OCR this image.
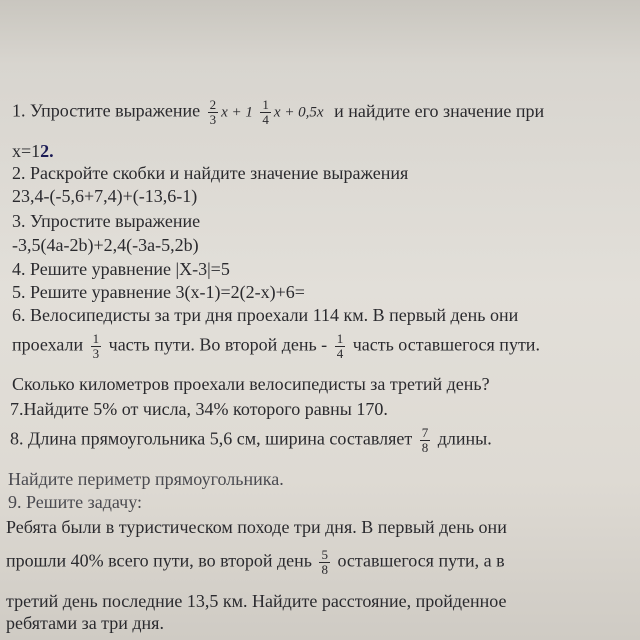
1. Упростите выражение $\frac{2}{3}$ $x + 1 \frac{1}{4}$ x + 0,5x и найдите его значение при
x=12.
2. Раскройте скобки и найдите значение выражения
23,4-(-5,6+7,4)+(-13,6-1)
3. Упростите выражение
-3,5(4a-2b)+2,4(-3a-5,2b)
4. Решите уравнение |X-3|=5
5. Решите уравнение 3(x-1)=2(2-x)+6=
6. Велосипедисты за три дня проехали 114 км. В первый день они
проехали $\frac{1}{3}$ часть пути. Во второй день - $\frac{1}{4}$ часть оставшегося пути.
Сколько километров проехали велосипедисты за третий день?
7.Найдите 5% от числа, 34% которого равны 170.
8. Длина прямоугольника 5,6 см, ширина составляет $\frac{7}{8}$ длины.
Найдите периметр прямоугольника.
9. Решите задачу:
Ребята были в туристическом походе три дня. В первый день они
прошли 40% всего пути, во второй день $\frac{5}{8}$ оставшегося пути, а в
третий день последние 13,5 км. Найдите расстояние, пройденное
ребятами за три дня.
